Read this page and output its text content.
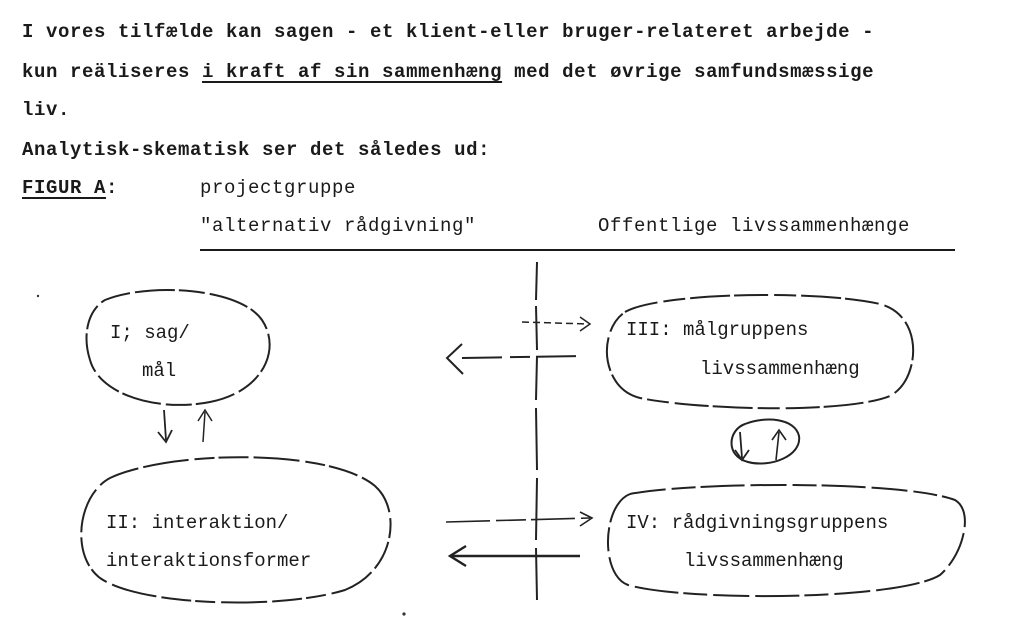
I vores tilfælde kan sagen - et klient-eller bruger-relateret arbejde -
kun reäliseres i kraft af sin sammenhæng med det øvrige samfundsmæssige
liv.
Analytisk-skematisk ser det således ud:
FIGUR A:	projectgruppe
"alternativ rådgivning"	Offentlige livssammenhænge
I; sag/
mål
II: interaktion/
interaktionsformer
III: målgruppens
livssammenhæng
IV: rådgivningsgruppens
livssammenhæng
